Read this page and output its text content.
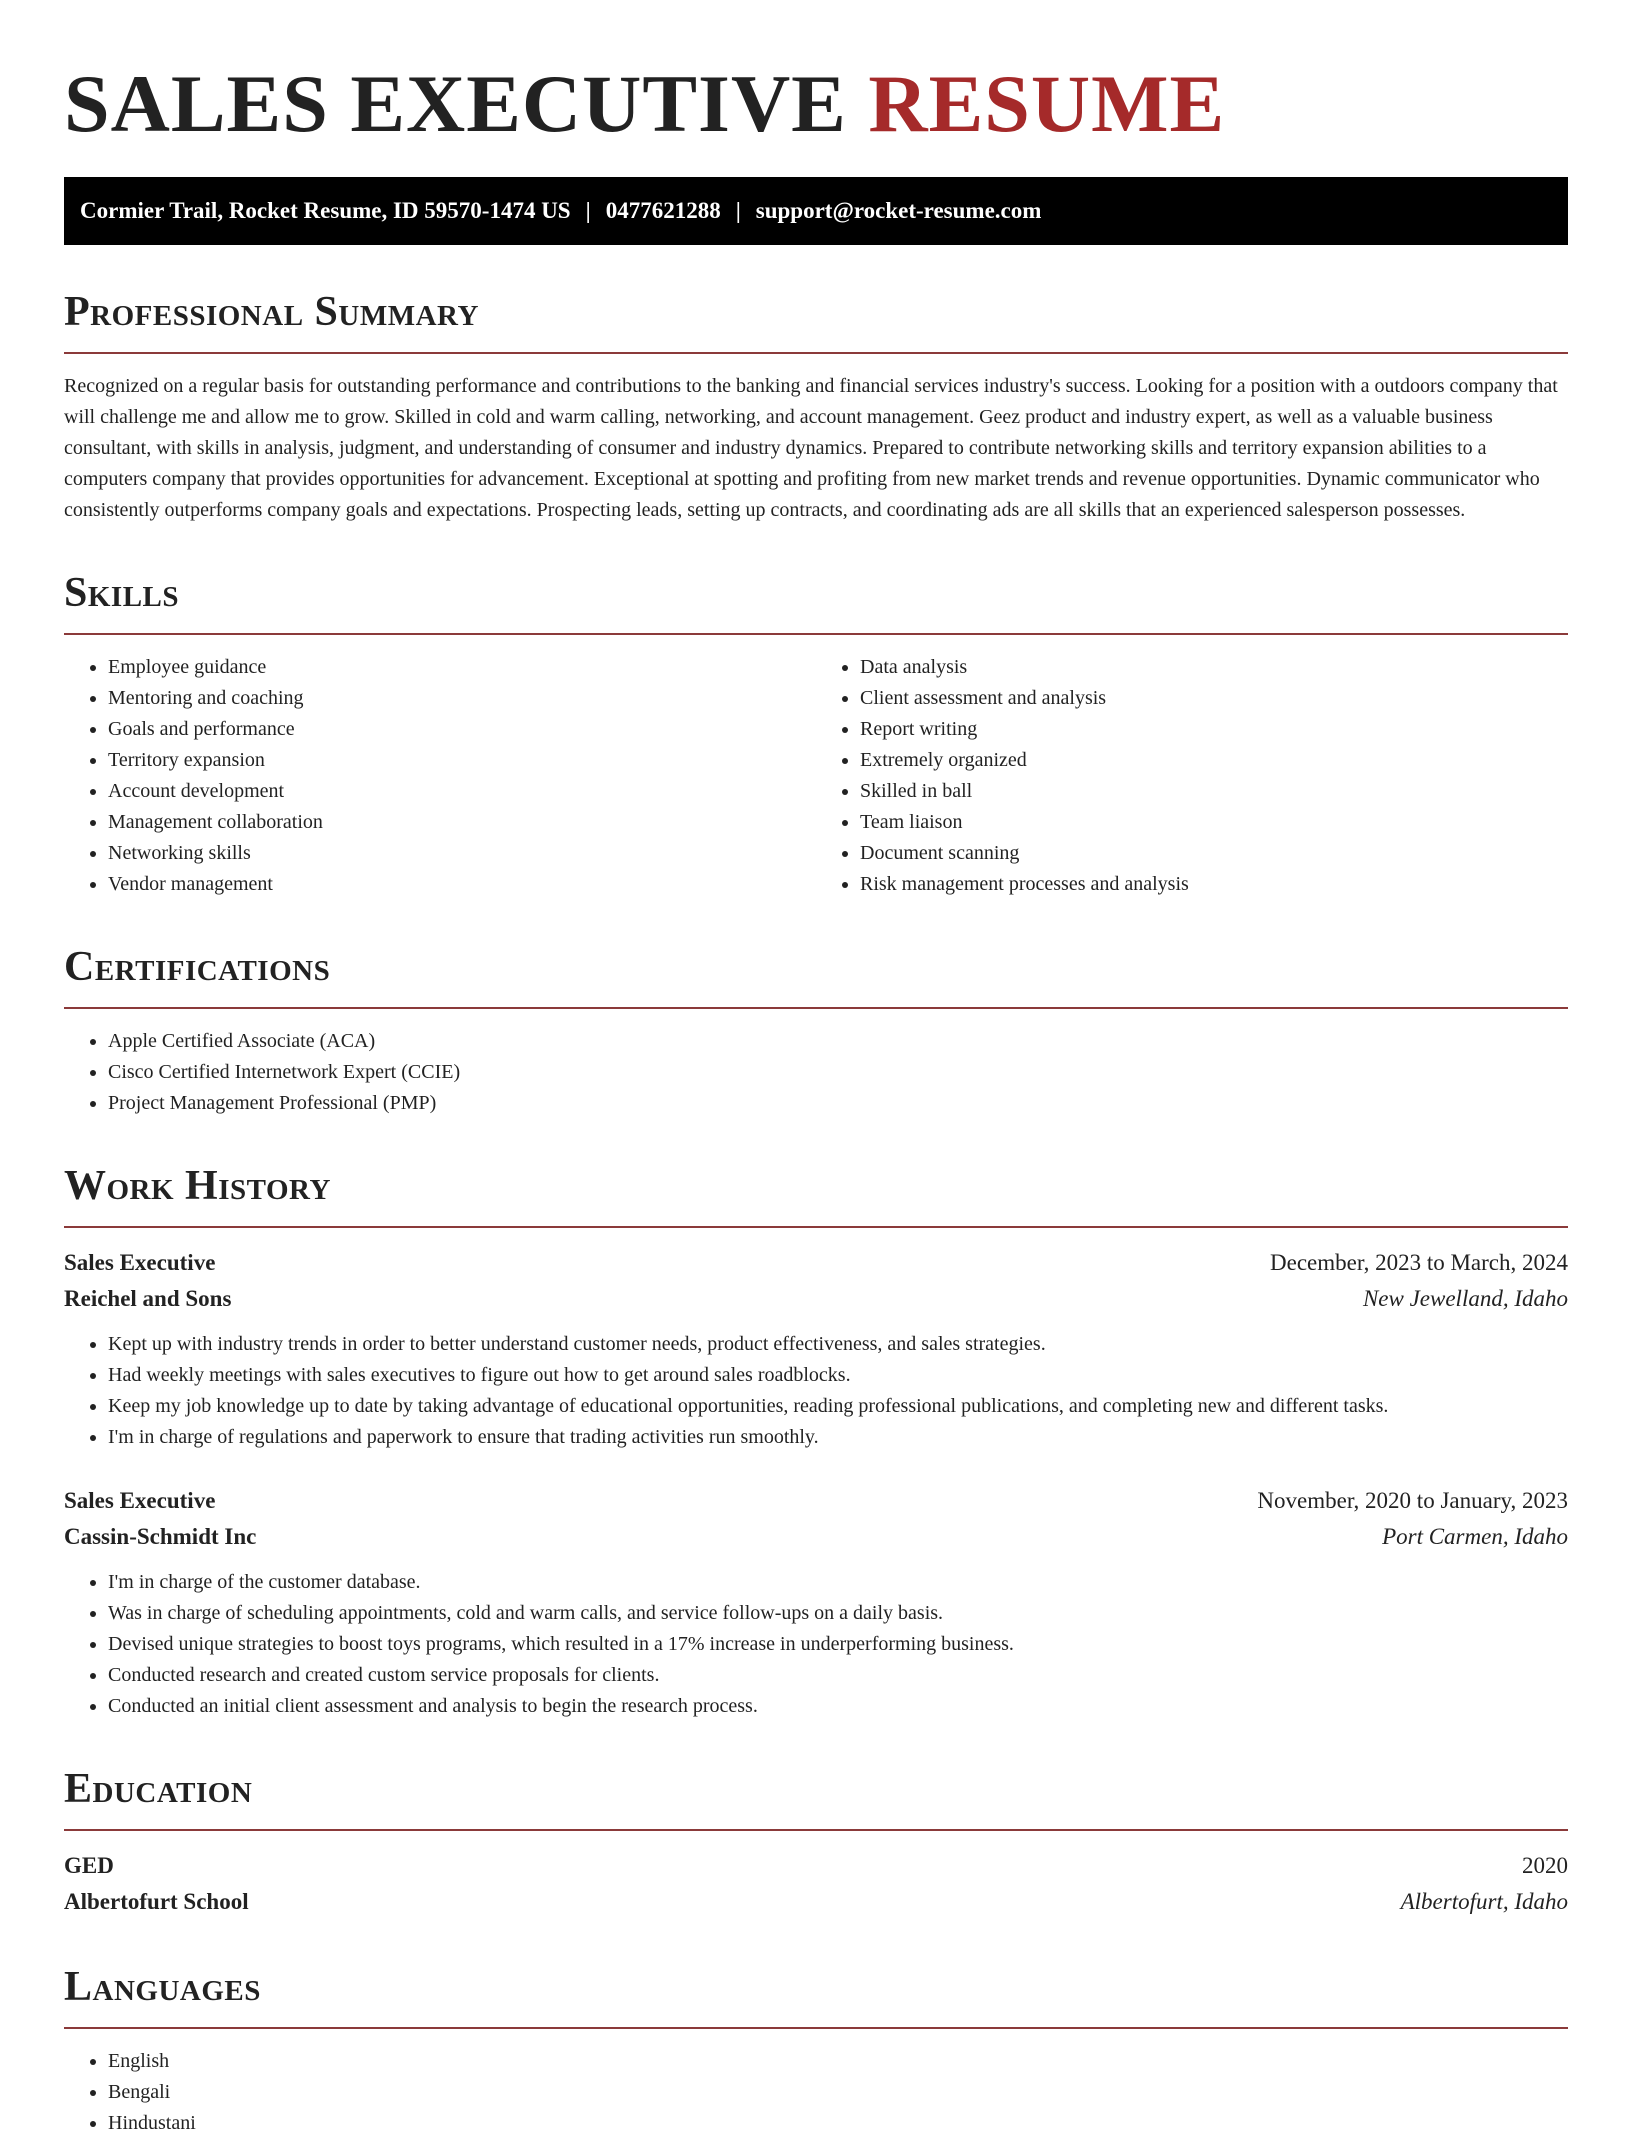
SALES EXECUTIVE RESUME
Cormier Trail, Rocket Resume, ID 59570-1474 US | 0477621288 | support@rocket-resume.com
Professional Summary

Recognized on a regular basis for outstanding performance and contributions to the banking and financial services industry's success. Looking for a position with a outdoors company that will challenge me and allow me to grow. Skilled in cold and warm calling, networking, and account management. Geez product and industry expert, as well as a valuable business consultant, with skills in analysis, judgment, and understanding of consumer and industry dynamics. Prepared to contribute networking skills and territory expansion abilities to a computers company that provides opportunities for advancement. Exceptional at spotting and profiting from new market trends and revenue opportunities. Dynamic communicator who consistently outperforms company goals and expectations. Prospecting leads, setting up contracts, and coordinating ads are all skills that an experienced salesperson possesses.

Skills
• Employee guidance
• Mentoring and coaching
• Goals and performance
• Territory expansion
• Account development
• Management collaboration
• Networking skills
• Vendor management
• Data analysis
• Client assessment and analysis
• Report writing
• Extremely organized
• Skilled in ball
• Team liaison
• Document scanning
• Risk management processes and analysis
Certifications
• Apple Certified Associate (ACA)
• Cisco Certified Internetwork Expert (CCIE)
• Project Management Professional (PMP)
Work History
Sales Executive	December, 2023 to March, 2024
Reichel and Sons	New Jewelland, Idaho
• Kept up with industry trends in order to better understand customer needs, product effectiveness, and sales strategies.
• Had weekly meetings with sales executives to figure out how to get around sales roadblocks.
• Keep my job knowledge up to date by taking advantage of educational opportunities, reading professional publications, and completing new and different tasks.
• I'm in charge of regulations and paperwork to ensure that trading activities run smoothly.
Sales Executive	November, 2020 to January, 2023
Cassin-Schmidt Inc	Port Carmen, Idaho
• I'm in charge of the customer database.
• Was in charge of scheduling appointments, cold and warm calls, and service follow-ups on a daily basis.
• Devised unique strategies to boost toys programs, which resulted in a 17% increase in underperforming business.
• Conducted research and created custom service proposals for clients.
• Conducted an initial client assessment and analysis to begin the research process.
Education
GED	2020
Albertofurt School	Albertofurt, Idaho
Languages
• English
• Bengali
• Hindustani
